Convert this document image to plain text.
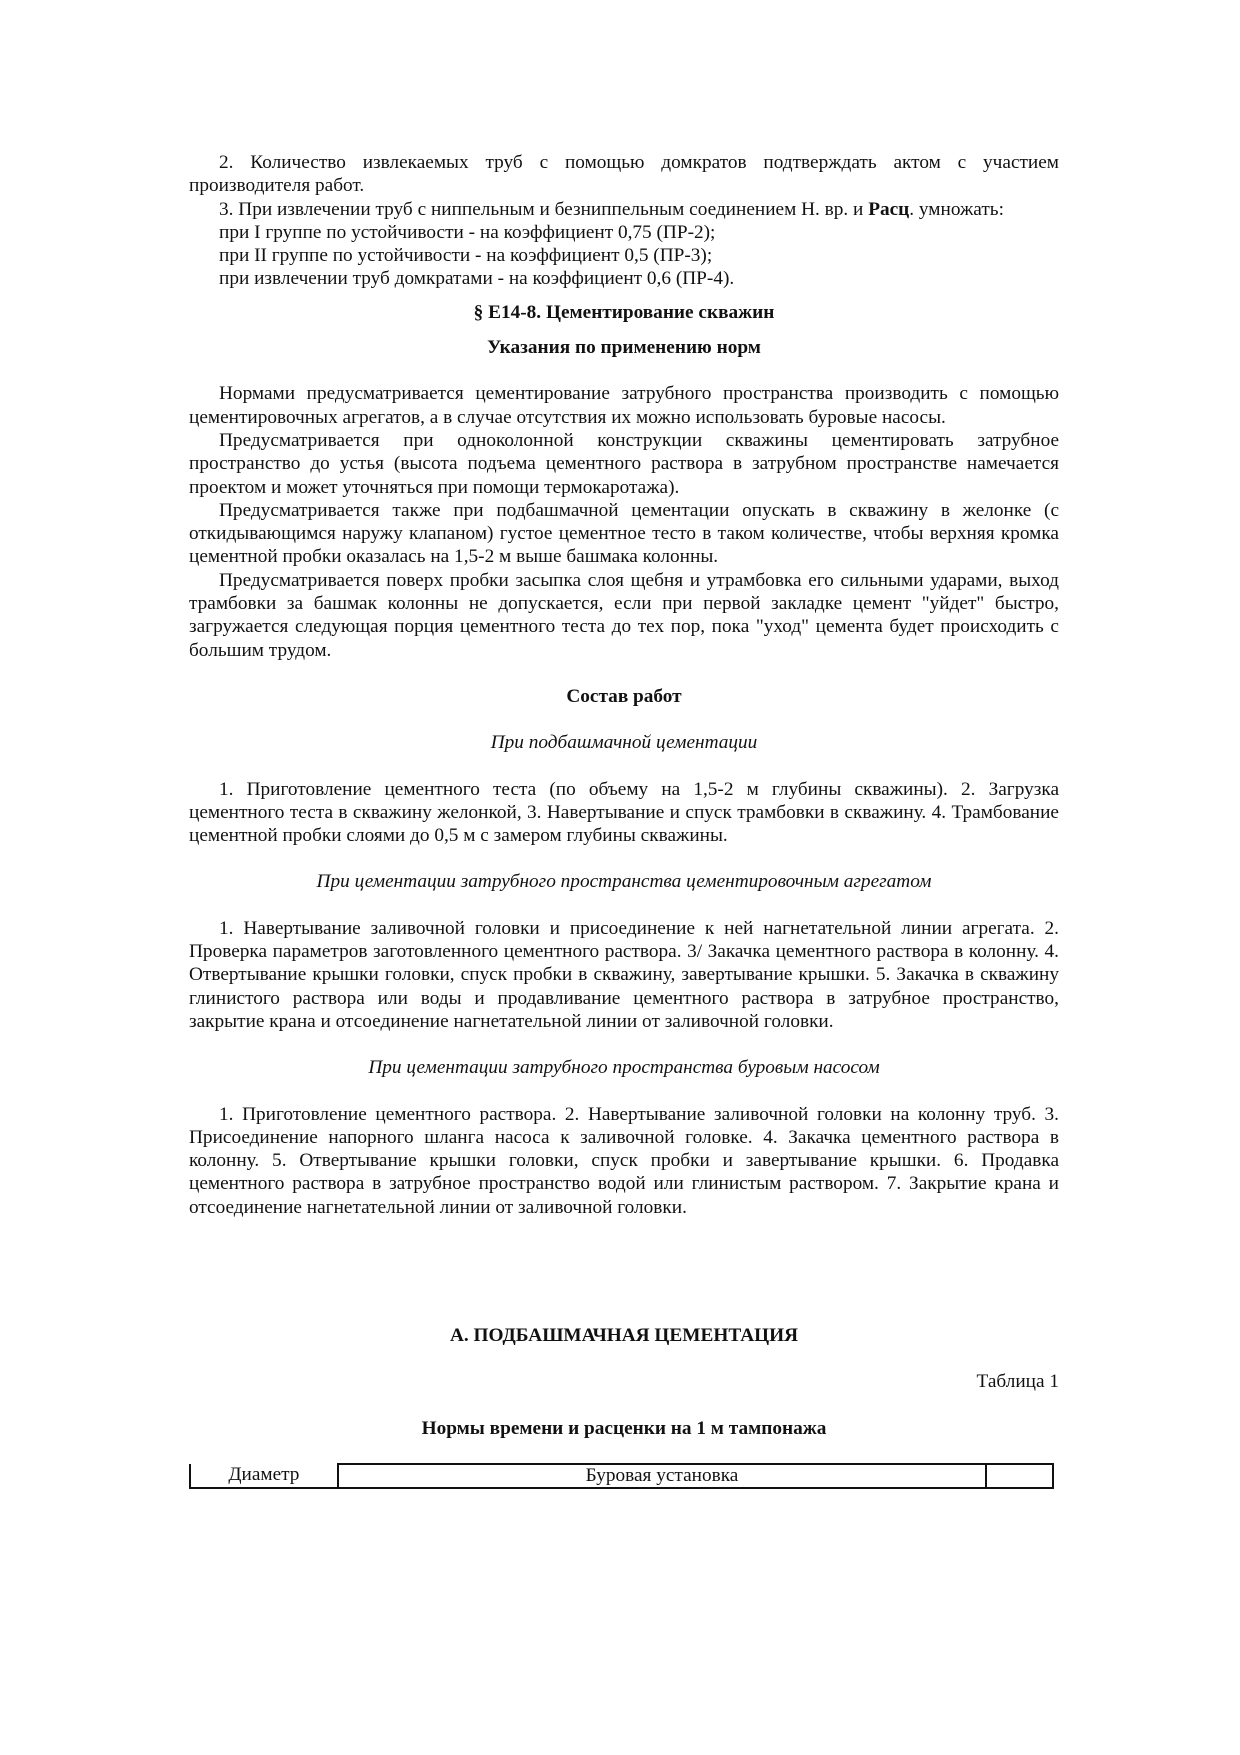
2. Количество извлекаемых труб с помощью домкратов подтверждать актом с участием производителя работ.

3. При извлечении труб с ниппельным и безниппельным соединением Н. вр. и Расц. умножать:

при I группе по устойчивости - на коэффициент 0,75 (ПР-2);

при II группе по устойчивости - на коэффициент 0,5 (ПР-3);

при извлечении труб домкратами - на коэффициент 0,6 (ПР-4).

§ Е14-8. Цементирование скважин

Указания по применению норм

Нормами предусматривается цементирование затрубного пространства производить с помощью цементировочных агрегатов, а в случае отсутствия их можно использовать буровые насосы.

Предусматривается при одноколонной конструкции скважины цементировать затрубное пространство до устья (высота подъема цементного раствора в затрубном пространстве намечается проектом и может уточняться при помощи термокаротажа).

Предусматривается также при подбашмачной цементации опускать в скважину в желонке (с откидывающимся наружу клапаном) густое цементное тесто в таком количестве, чтобы верхняя кромка цементной пробки оказалась на 1,5-2 м выше башмака колонны.

Предусматривается поверх пробки засыпка слоя щебня и утрамбовка его сильными ударами, выход трамбовки за башмак колонны не допускается, если при первой закладке цемент "уйдет" быстро, загружается следующая порция цементного теста до тех пор, пока "уход" цемента будет происходить с большим трудом.

Состав работ

При подбашмачной цементации

1. Приготовление цементного теста (по объему на 1,5-2 м глубины скважины). 2. Загрузка цементного теста в скважину желонкой, 3. Навертывание и спуск трамбовки в скважину. 4. Трамбование цементной пробки слоями до 0,5 м с замером глубины скважины.

При цементации затрубного пространства цементировочным агрегатом

1. Навертывание заливочной головки и присоединение к ней нагнетательной линии агрегата. 2. Проверка параметров заготовленного цементного раствора. 3/ Закачка цементного раствора в колонну. 4. Отвертывание крышки головки, спуск пробки в скважину, завертывание крышки. 5. Закачка в скважину глинистого раствора или воды и продавливание цементного раствора в затрубное пространство, закрытие крана и отсоединение нагнетательной линии от заливочной головки.

При цементации затрубного пространства буровым насосом

1. Приготовление цементного раствора. 2. Навертывание заливочной головки на колонну труб. 3. Присоединение напорного шланга насоса к заливочной головке. 4. Закачка цементного раствора в колонну. 5. Отвертывание крышки головки, спуск пробки и завертывание крышки. 6. Продавка цементного раствора в затрубное пространство водой или глинистым раствором. 7. Закрытие крана и отсоединение нагнетательной линии от заливочной головки.

А. ПОДБАШМАЧНАЯ ЦЕМЕНТАЦИЯ

Таблица 1

Нормы времени и расценки на 1 м тампонажа

Диаметр	Буровая установка	
